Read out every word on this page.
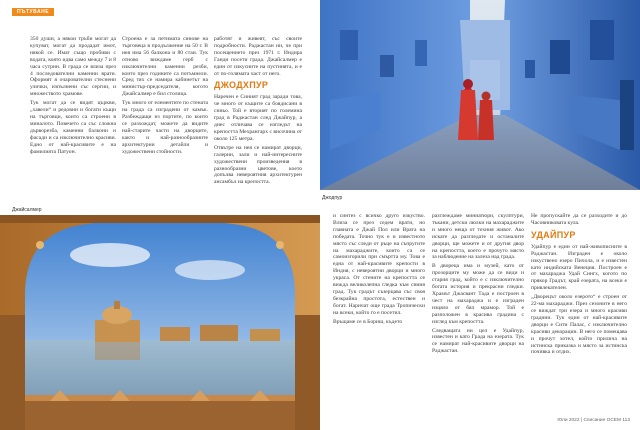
ПЪТУВАНЕ

350 души, а някои тръби могат да купуват, могат да продадат имот, някой се. Имат също пробиви с водата, която идва само между 7 и 8 часа сутрин. В града се влиза през 4 последователни каменни врати. Оформят я очарователни стеснени улички, изпълнени със сергии, и множеството храмове.

Тук могат да се видят църкви, „хавели“ и редовни и богати къщи на търговци, които са строени в миналото. Повечето са със сложна дърворезба, каменни балкони и фасади и са изключително красиви. Едно от най-красивите е на фамилията Патуон.

Строена е за петимата синове на търговеца в продължение на 50 г. В нея има 56 балкона и 80 стаи. Тук отново виждаме герб с изключителни каменни резби, които през годините са потъмнели. Сред тях се намира кабинетът на министър-председателя, когото Джайсалмер е бил столица.

Тук много от елементите по стената на града са изградени от камък. Разбеждащи из портите, по които се разхождат, можете да видите най-старите части на дворците, както и най-разнообразните архитектурни детайли и художествени стойности.

работят и живеят, със своите подробности. Раджастан ни, че при посещението през 1971 г. Индира Ганди посети града. Джайсалмер е един от изкусните на пустинята, и е от по-голямата част от него.

ДЖОДХПУР

Наречен е Синият град заради това, че много от къщите са боядисани в синьо. Той е вторият по големина град в Раджастан след Джайпур, а днес отличава се изгледът на крепостта Мехрангарх с височина от около 125 метра.

Отвътре на нея се намират дворци, галерии, зали и най-интересните художествени произведения в разнообразни цветове, което допълва невероятния архитектурен ансамбъл на крепостта.

Джайсалмер
Джодпур

и синтез с всичко друго изкуство. Влиза се през седем врати, но главната е Джай Пол или Врата на победата. Точно тук е и известното място със следи от ръце на съпругите на махараджите, които са се самоизгорили при смъртта му. Това е една от най-красивите крепости в Индия, с невероятни дворци и много украса. От стените на крепостта се вижда великолепна гледка към синия град. Тук градът съзерцава със своя безкрайна простота, естествен и богат. Наричат още града Тропически на всеки, който го е посетил.

Връщаме се в Бориш, където

разглеждаме миниатюри, скулптури, тъкани, детски люлки на махараджите и много неща от техния живот. Ако искате да разгледате и останалите дворци, ще можете и от другия двор на крепостта, което е прочуто място за наблюдение на залеза над града.

В двореца има и музей, като от прозорците му може да се види и стария град, който е с изключително богата история и прекрасни гледки. Храмът Джасвант Тада е построен в чест на махараджа и е изграден изцяло от бял мрамор. Той е разположен в красива градина с изглед към крепостта.

Следващата ни цел е Удайпур, известен и като Града на езерата. Тук се намират най-красивите дворци на Раджастан.

Не пропускайте да се разходите и до Часовниковата кула.

УДАЙПУР

Удайпур е един от най-живописните в Раджастан. Изграден е около изкуствено езеро Пичола, и е известен като индийската Венеция. Построен е от махараджа Удай Сингх, когото по прякор Градът, край езерата, на всеки е привлекателен.

„Дворецът около езерото“ е строен от 22-ма махараджи. През сезоните в него се виждат три езера и много красиви градини. Тук един от най-красивите дворци е Сити Палас, с изключително красиви декорации. В него се помещава и прочут хотел, който прилича на истинска приказка и място за истинска почивка и отдих.

Юли 2022 | Списание ОСЕМ 113
